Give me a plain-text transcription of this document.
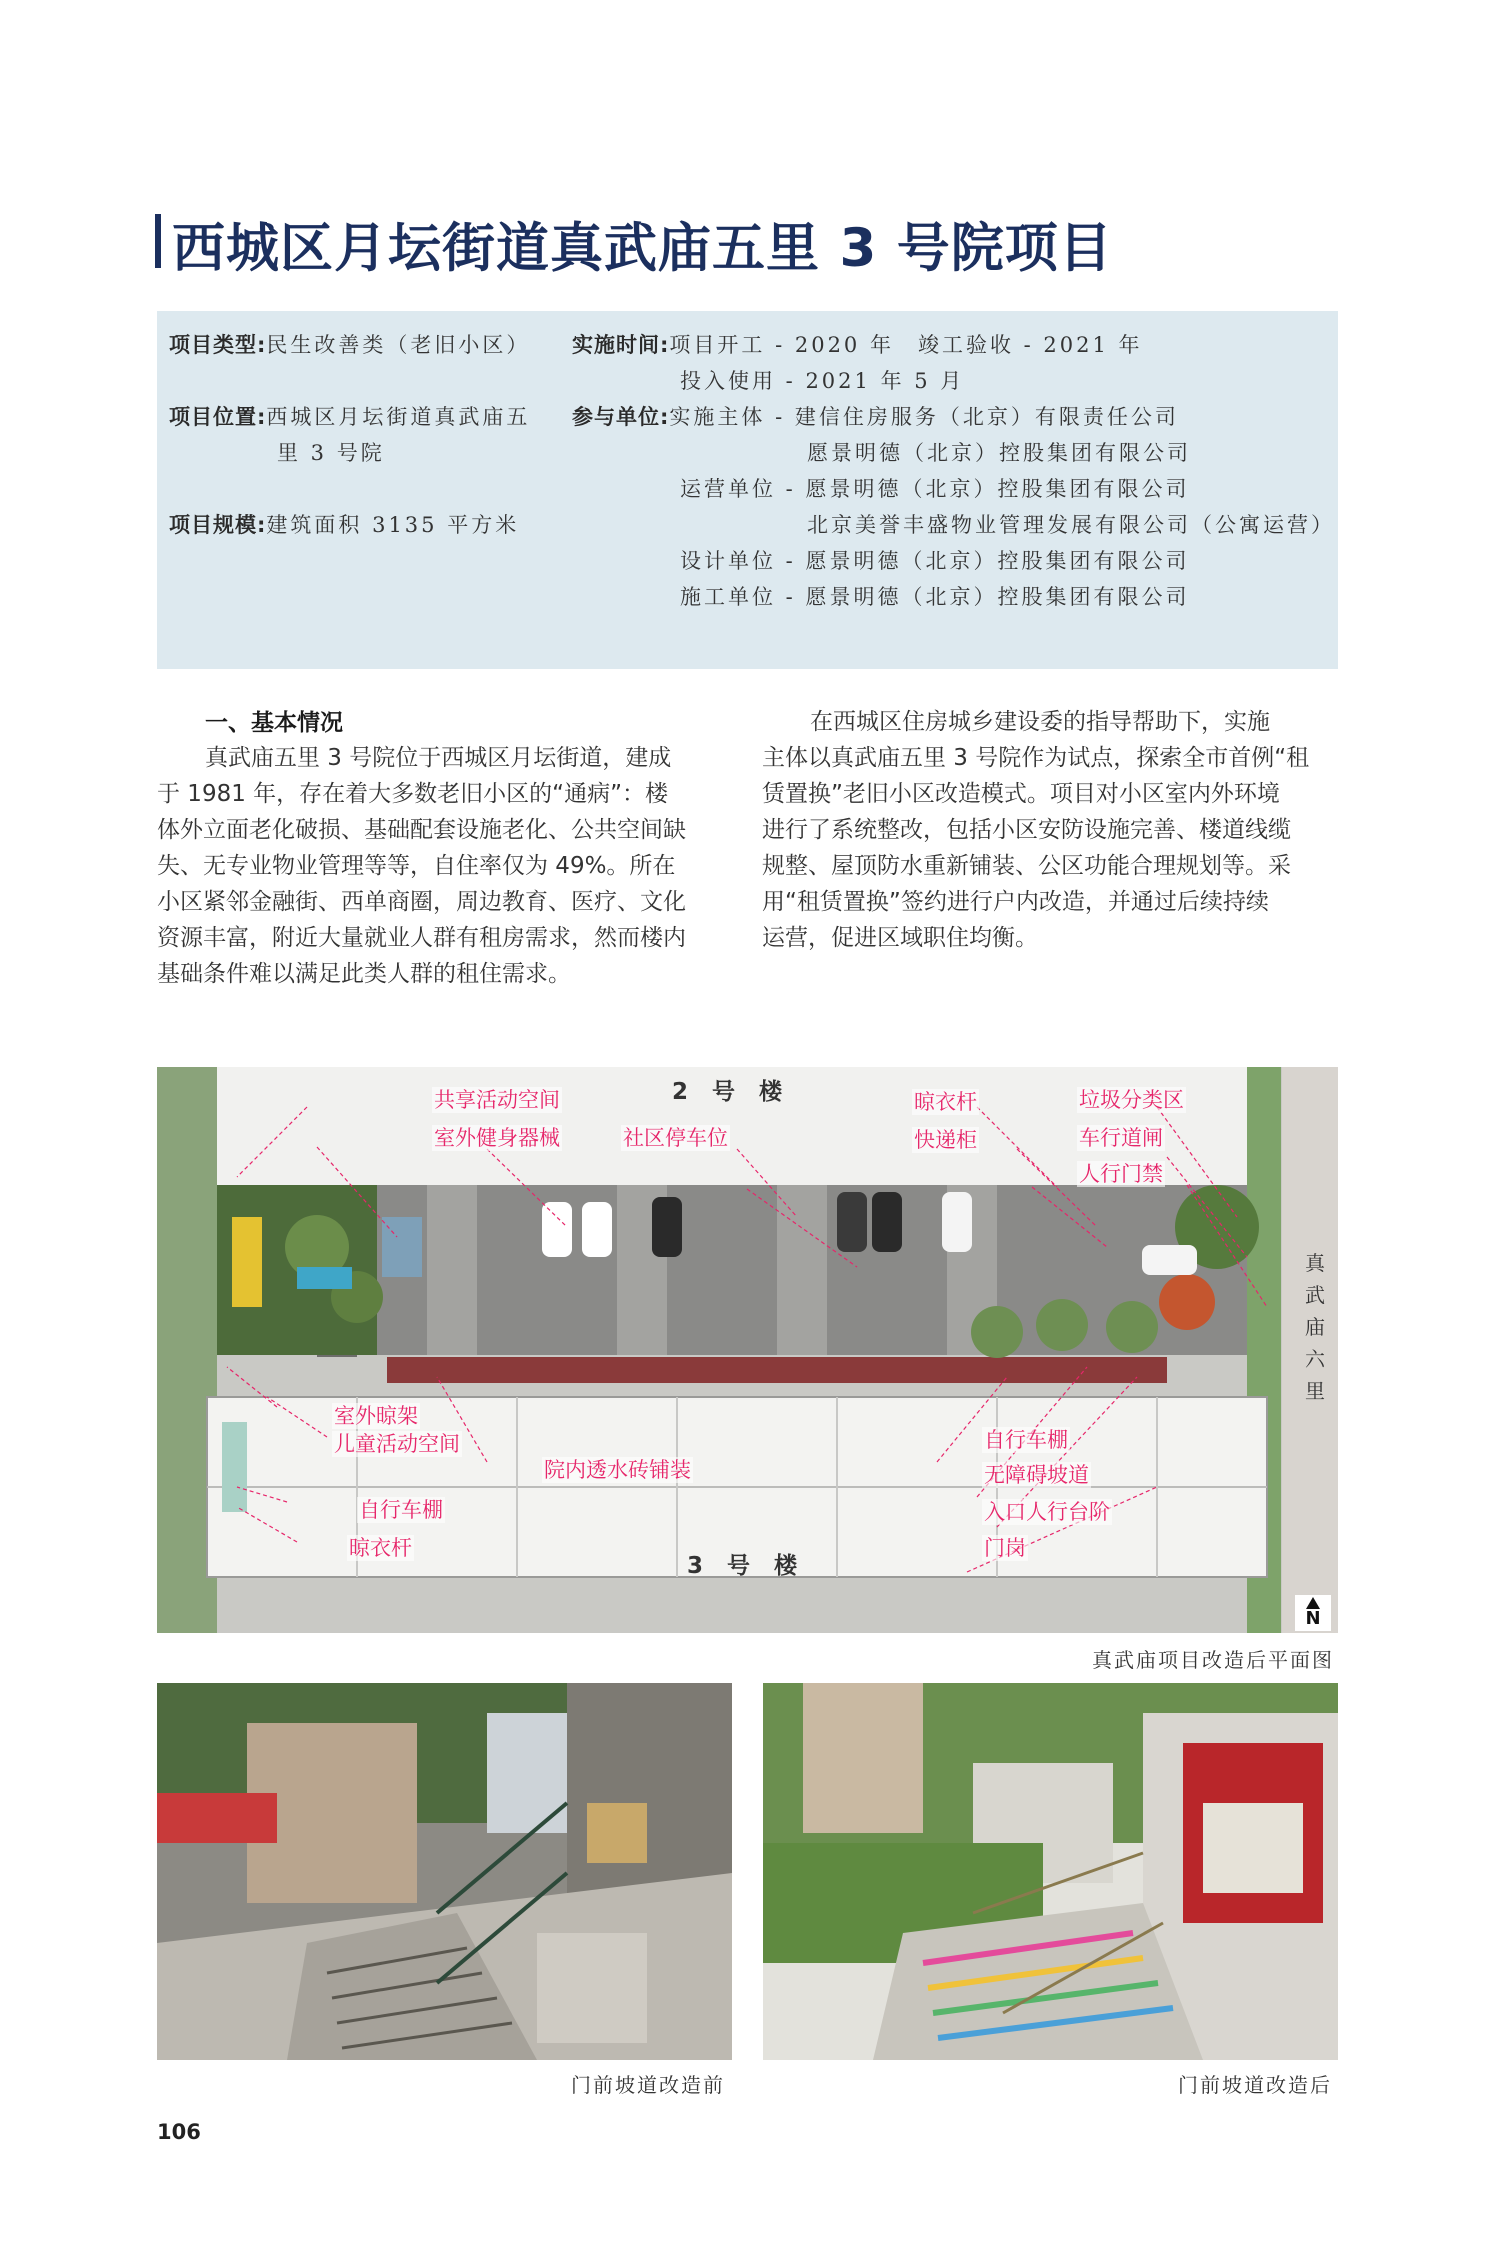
西城区月坛街道真武庙五里 3 号院项目
项目类型:民生改善类（老旧小区）
项目位置:西城区月坛街道真武庙五
里 3 号院
项目规模:建筑面积 3135 平方米
实施时间:项目开工 - 2020 年　竣工验收 - 2021 年
投入使用 - 2021 年 5 月
参与单位:实施主体 - 建信住房服务（北京）有限责任公司
愿景明德（北京）控股集团有限公司
运营单位 - 愿景明德（北京）控股集团有限公司
北京美誉丰盛物业管理发展有限公司（公寓运营）
设计单位 - 愿景明德（北京）控股集团有限公司
施工单位 - 愿景明德（北京）控股集团有限公司
一、基本情况
真武庙五里 3 号院位于西城区月坛街道，建成
于 1981 年，存在着大多数老旧小区的“通病”：楼
体外立面老化破损、基础配套设施老化、公共空间缺
失、无专业物业管理等等，自住率仅为 49%。所在
小区紧邻金融街、西单商圈，周边教育、医疗、文化
资源丰富，附近大量就业人群有租房需求，然而楼内
基础条件难以满足此类人群的租住需求。
在西城区住房城乡建设委的指导帮助下，实施
主体以真武庙五里 3 号院作为试点，探索全市首例“租
赁置换”老旧小区改造模式。项目对小区室内外环境
进行了系统整改，包括小区安防设施完善、楼道线缆
规整、屋顶防水重新铺装、公区功能合理规划等。采
用“租赁置换”签约进行户内改造，并通过后续持续
运营，促进区域职住均衡。
2 号 楼
3 号 楼
共享活动空间
室外健身器械	社区停车位
晾衣杆
快递柜
垃圾分类区
车行道闸
人行门禁
室外晾架
儿童活动空间
院内透水砖铺装
自行车棚
晾衣杆
自行车棚
无障碍坡道
入口人行台阶
门岗
真武庙六里
N
真武庙项目改造后平面图
门前坡道改造前	门前坡道改造后
106
